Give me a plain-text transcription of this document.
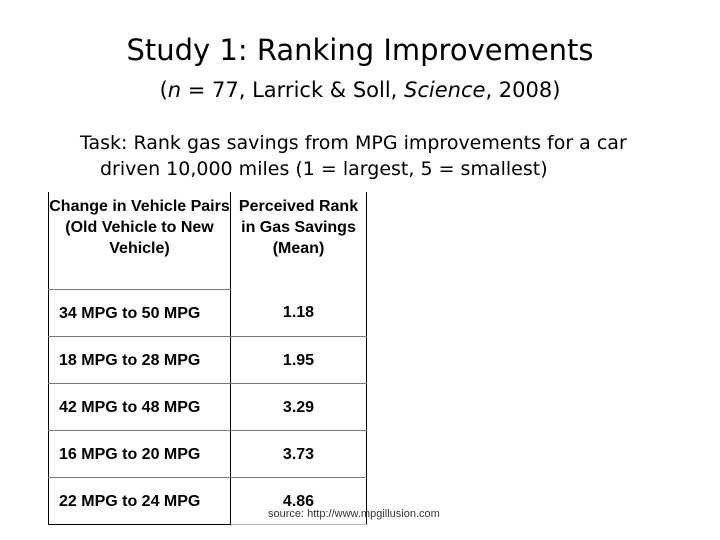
Study 1: Ranking Improvements
(n = 77, Larrick & Soll, Science, 2008)
Task: Rank gas savings from MPG improvements for a car
driven 10,000 miles (1 = largest, 5 = smallest)
Change in Vehicle Pairs (Old Vehicle to New Vehicle)	Perceived Rank in Gas Savings (Mean)
34 MPG to 50 MPG	1.18
18 MPG to 28 MPG	1.95
42 MPG to 48 MPG	3.29
16 MPG to 20 MPG	3.73
22 MPG to 24 MPG	4.86
source: http://www.mpgillusion.com
